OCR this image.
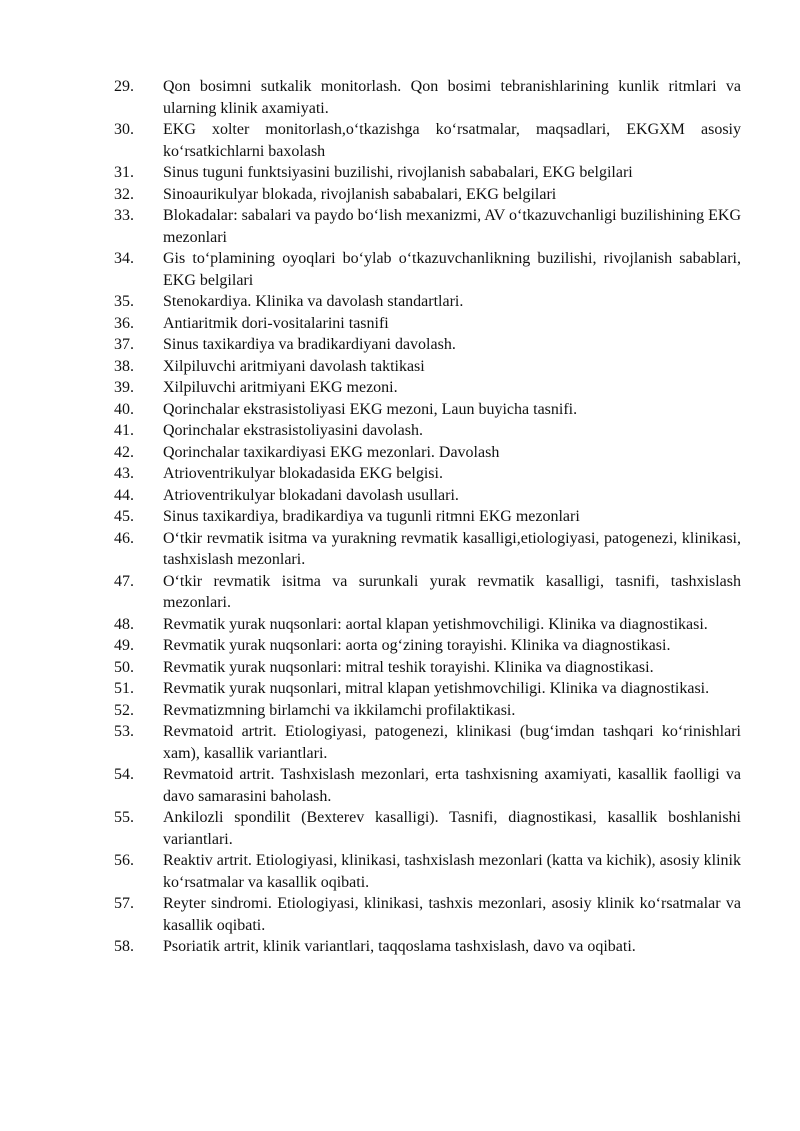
29.	Qon bosimni sutkalik monitorlash. Qon bosimi tebranishlarining kunlik ritmlari va ularning klinik axamiyati.
30.	EKG xolter monitorlash,oʻtkazishga koʻrsatmalar, maqsadlari, EKGXM asosiy koʻrsatkichlarni baxolash
31.	Sinus tuguni funktsiyasini buzilishi, rivojlanish sababalari, EKG belgilari
32.	Sinoaurikulyar blokada, rivojlanish sababalari, EKG belgilari
33.	Blokadalar: sabalari va paydo boʻlish mexanizmi, AV oʻtkazuvchanligi buzilishining EKG mezonlari
34.	Gis toʻplamining oyoqlari boʻylab oʻtkazuvchanlikning buzilishi, rivojlanish sabablari, EKG belgilari
35.	Stenokardiya. Klinika va davolash standartlari.
36.	Antiaritmik dori-vositalarini tasnifi
37.	Sinus taxikardiya va bradikardiyani davolash.
38.	Xilpiluvchi aritmiyani davolash taktikasi
39.	Xilpiluvchi aritmiyani EKG mezoni.
40.	Qorinchalar ekstrasistoliyasi EKG mezoni, Laun buyicha tasnifi.
41.	Qorinchalar ekstrasistoliyasini davolash.
42.	Qorinchalar taxikardiyasi EKG mezonlari. Davolash
43.	Atrioventrikulyar blokadasida EKG belgisi.
44.	Atrioventrikulyar blokadani davolash usullari.
45.	Sinus taxikardiya, bradikardiya va tugunli ritmni EKG mezonlari
46.	Oʻtkir revmatik isitma va yurakning revmatik kasalligi,etiologiyasi, patogenezi, klinikasi, tashxislash mezonlari.
47.	Oʻtkir revmatik isitma va surunkali yurak revmatik kasalligi, tasnifi, tashxislash mezonlari.
48.	Revmatik yurak nuqsonlari: aortal klapan yetishmovchiligi. Klinika va diagnostikasi.
49.	Revmatik yurak nuqsonlari: aorta ogʻzining torayishi. Klinika va diagnostikasi.
50.	Revmatik yurak nuqsonlari: mitral teshik torayishi. Klinika va diagnostikasi.
51.	Revmatik yurak nuqsonlari, mitral klapan yetishmovchiligi. Klinika va diagnostikasi.
52.	Revmatizmning birlamchi va ikkilamchi profilaktikasi.
53.	Revmatoid artrit. Etiologiyasi, patogenezi, klinikasi (bugʻimdan tashqari koʻrinishlari xam), kasallik variantlari.
54.	Revmatoid artrit. Tashxislash mezonlari, erta tashxisning axamiyati, kasallik faolligi va davo samarasini baholash.
55.	Ankilozli spondilit (Bexterev kasalligi). Tasnifi, diagnostikasi, kasallik boshlanishi variantlari.
56.	Reaktiv artrit. Etiologiyasi, klinikasi, tashxislash mezonlari (katta va kichik), asosiy klinik koʻrsatmalar va kasallik oqibati.
57.	Reyter sindromi. Etiologiyasi, klinikasi, tashxis mezonlari, asosiy klinik koʻrsatmalar va kasallik oqibati.
58.	Psoriatik artrit, klinik variantlari, taqqoslama tashxislash, davo va oqibati.
